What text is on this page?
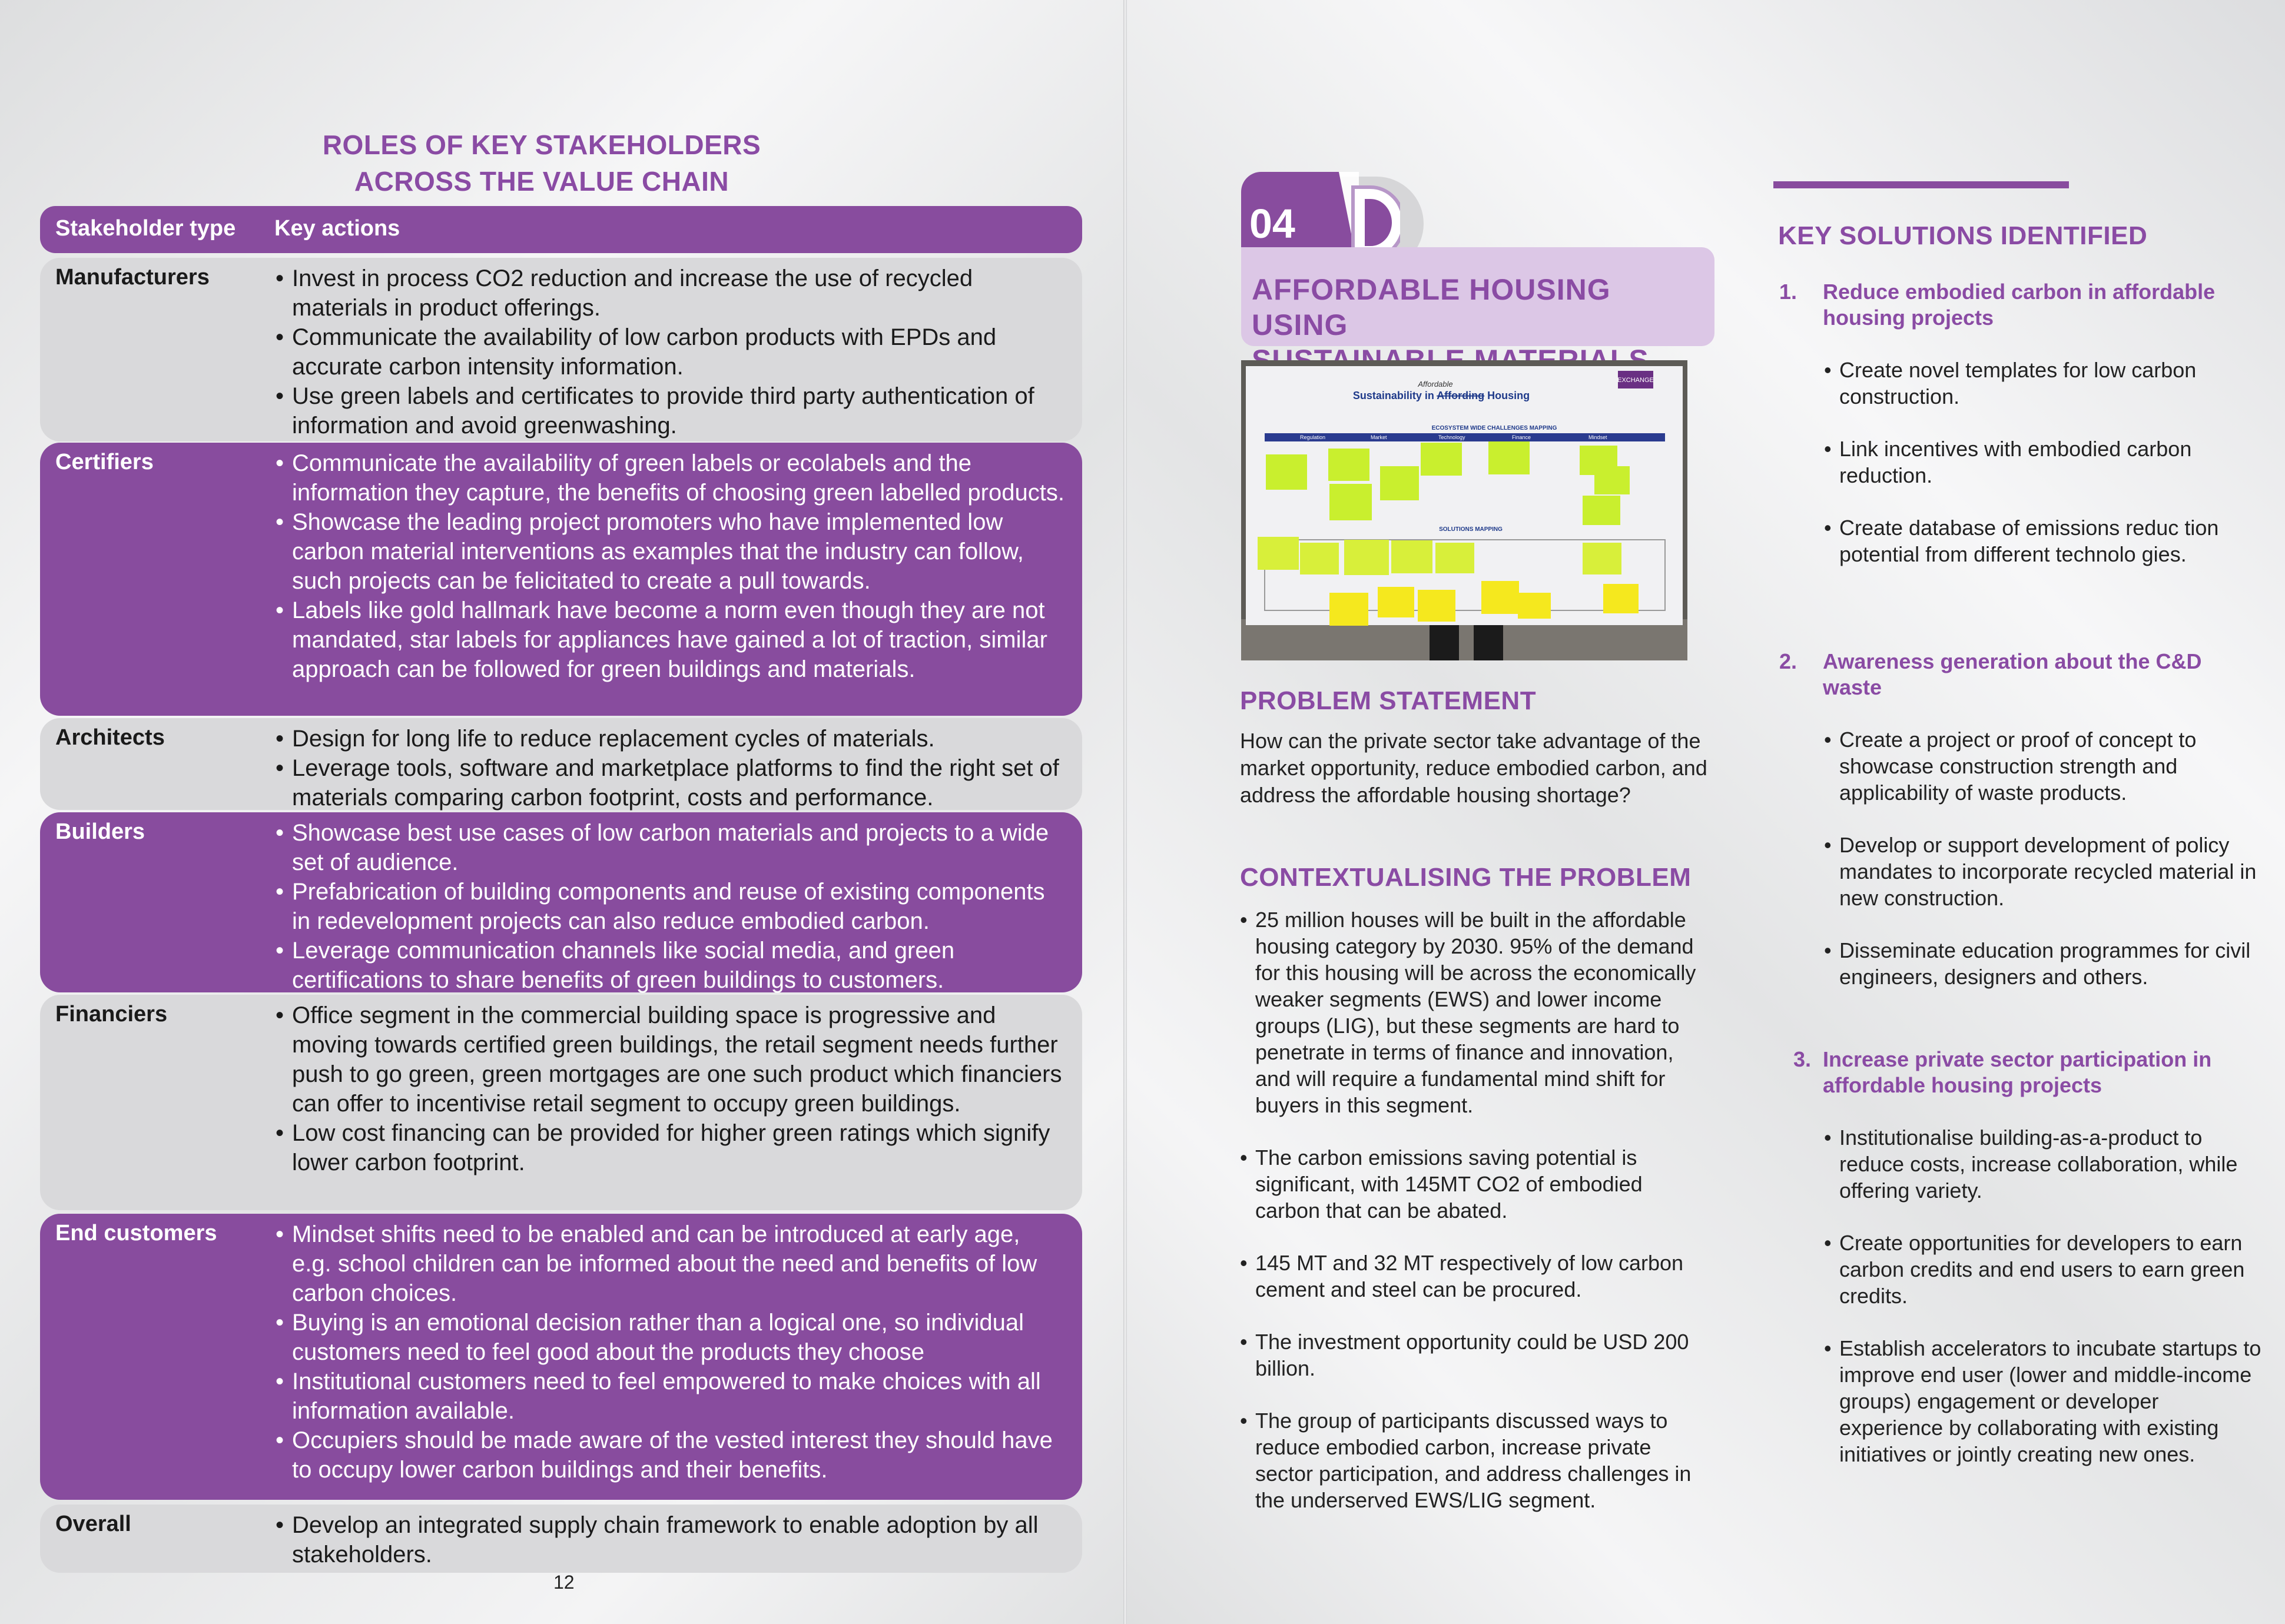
ROLES OF KEY STAKEHOLDERS
ACROSS THE VALUE CHAIN
Stakeholder type Key actions
Manufacturers	• Invest in process CO2 reduction and increase the use of recycled materials in product offerings.
• Communicate the availability of low carbon products with EPDs and accurate carbon intensity information.
• Use green labels and certificates to provide third party authentication of information and avoid greenwashing.
Certifiers	• Communicate the availability of green labels or ecolabels and the information they capture, the benefits of choosing green labelled products.
• Showcase the leading project promoters who have implemented low carbon material interventions as examples that the industry can follow, such projects can be felicitated to create a pull towards.
• Labels like gold hallmark have become a norm even though they are not mandated, star labels for appliances have gained a lot of traction, similar approach can be followed for green buildings and materials.
Architects	• Design for long life to reduce replacement cycles of materials.
• Leverage tools, software and marketplace platforms to find the right set of materials comparing carbon footprint, costs and performance.
Builders	• Showcase best use cases of low carbon materials and projects to a wide set of audience.
• Prefabrication of building components and reuse of existing components in redevelopment projects can also reduce embodied carbon.
• Leverage communication channels like social media, and green certifications to share benefits of green buildings to customers.
Financiers	• Office segment in the commercial building space is progressive and moving towards certified green buildings, the retail segment needs further push to go green, green mortgages are one such product which financiers can offer to incentivise retail segment to occupy green buildings.
• Low cost financing can be provided for higher green ratings which signify lower carbon footprint.
End customers	• Mindset shifts need to be enabled and can be introduced at early age, e.g. school children can be informed about the need and benefits of low carbon choices.
• Buying is an emotional decision rather than a logical one, so individual customers need to feel good about the products they choose
• Institutional customers need to feel empowered to make choices with all information available.
• Occupiers should be made aware of the vested interest they should have to occupy lower carbon buildings and their benefits.
Overall	• Develop an integrated supply chain framework to enable adoption by all stakeholders.
12
04
AFFORDABLE HOUSING USING
EXCHANGE
Affordable
Sustainability in Affording Housing
ECOSYSTEM WIDE CHALLENGES MAPPING
Regulation	Market	Technology	Finance	Mindset
SOLUTIONS MAPPING
PROBLEM STATEMENT
How can the private sector take advantage of the market opportunity, reduce embodied carbon, and address the affordable housing shortage?
CONTEXTUALISING THE PROBLEM
• 25 million houses will be built in the affordable housing category by 2030. 95% of the demand for this housing will be across the economically weaker segments (EWS) and lower income groups (LIG), but these segments are hard to penetrate in terms of finance and innovation, and will require a fundamental mind shift for buyers in this segment.
• The carbon emissions saving potential is significant, with 145MT CO2 of embodied carbon that can be abated.
• 145 MT and 32 MT respectively of low carbon cement and steel can be procured.
• The investment opportunity could be USD 200 billion.
• The group of participants discussed ways to reduce embodied carbon, increase private sector participation, and address challenges in the underserved EWS/LIG segment.
KEY SOLUTIONS IDENTIFIED
1.	Reduce embodied carbon in affordable housing projects
• Create novel templates for low carbon construction.
• Link incentives with embodied carbon reduction.
• Create database of emissions reduc tion potential from different technolo gies.
2.	Awareness generation about the C&D waste
• Create a project or proof of concept to showcase construction strength and applicability of waste products.
• Develop or support development of policy mandates to incorporate recycled material in new construction.
• Disseminate education programmes for civil engineers, designers and others.
3. Increase private sector participation in affordable housing projects
• Institutionalise building-as-a-product to reduce costs, increase collaboration, while offering variety.
• Create opportunities for developers to earn carbon credits and end users to earn green credits.
• Establish accelerators to incubate startups to improve end user (lower and middle-income groups) engagement or developer experience by collaborating with existing initiatives or jointly creating new ones.
